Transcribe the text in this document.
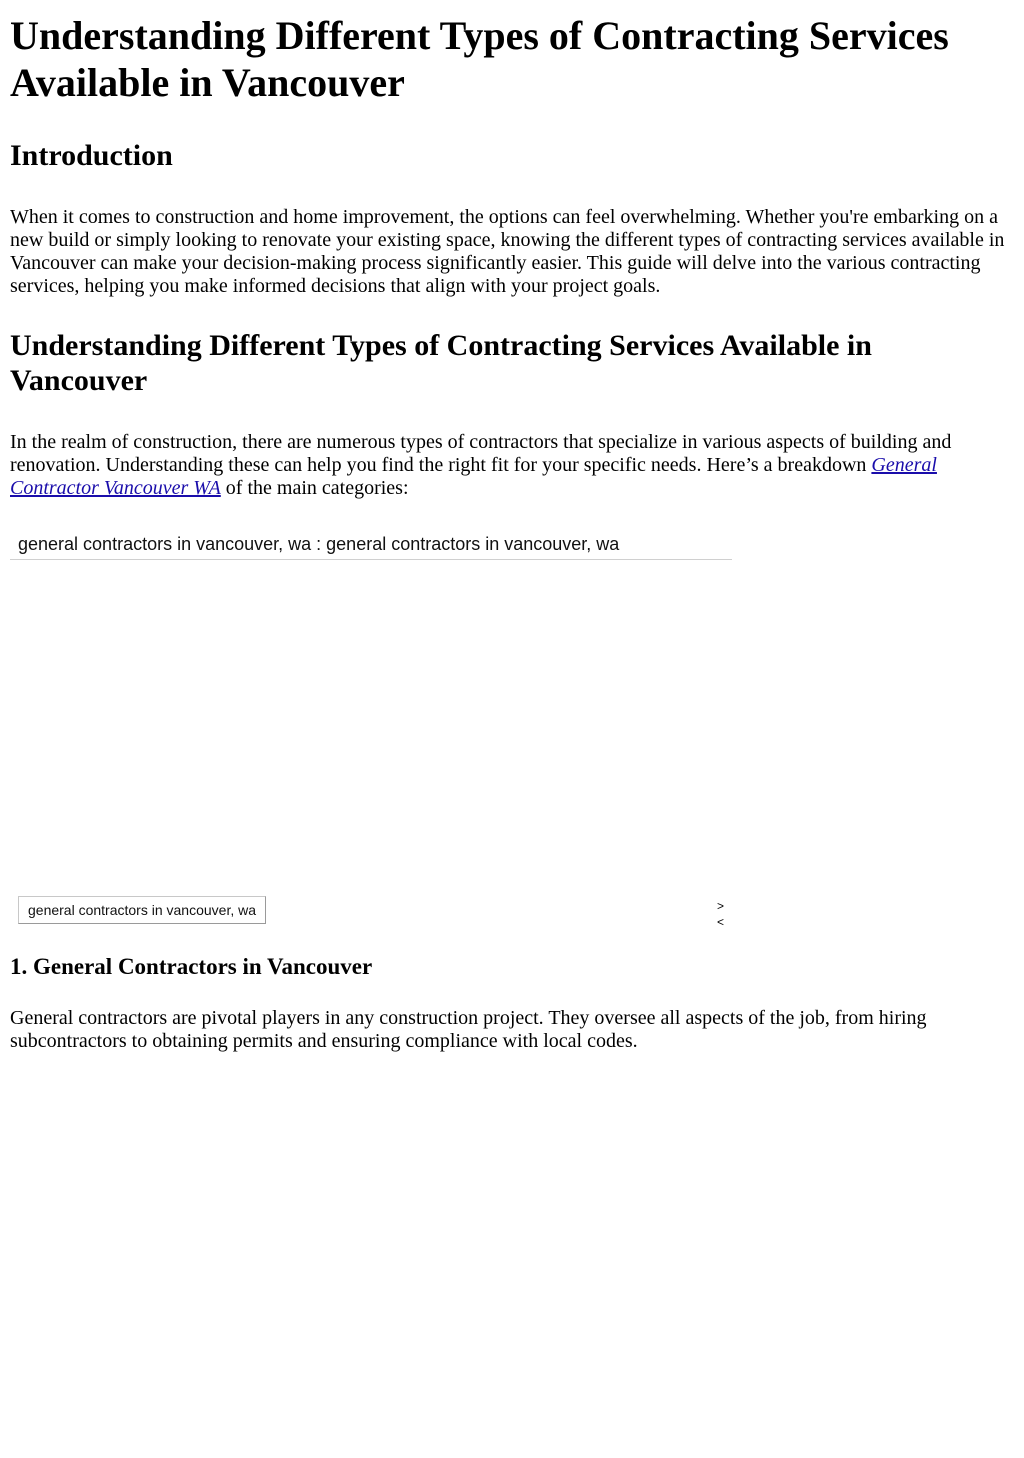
Understanding Different Types of Contracting Services Available in Vancouver
Introduction

When it comes to construction and home improvement, the options can feel overwhelming. Whether you're embarking on a new build or simply looking to renovate your existing space, knowing the different types of contracting services available in Vancouver can make your decision-making process significantly easier. This guide will delve into the various contracting services, helping you make informed decisions that align with your project goals.

Understanding Different Types of Contracting Services Available in Vancouver

In the realm of construction, there are numerous types of contractors that specialize in various aspects of building and renovation. Understanding these can help you find the right fit for your specific needs. Here’s a breakdown General Contractor Vancouver WA of the main categories:

general contractors in vancouver, wa : general contractors in vancouver, wa
general contractors in vancouver, wa	>
<
1. General Contractors in Vancouver

General contractors are pivotal players in any construction project. They oversee all aspects of the job, from hiring subcontractors to obtaining permits and ensuring compliance with local codes.
